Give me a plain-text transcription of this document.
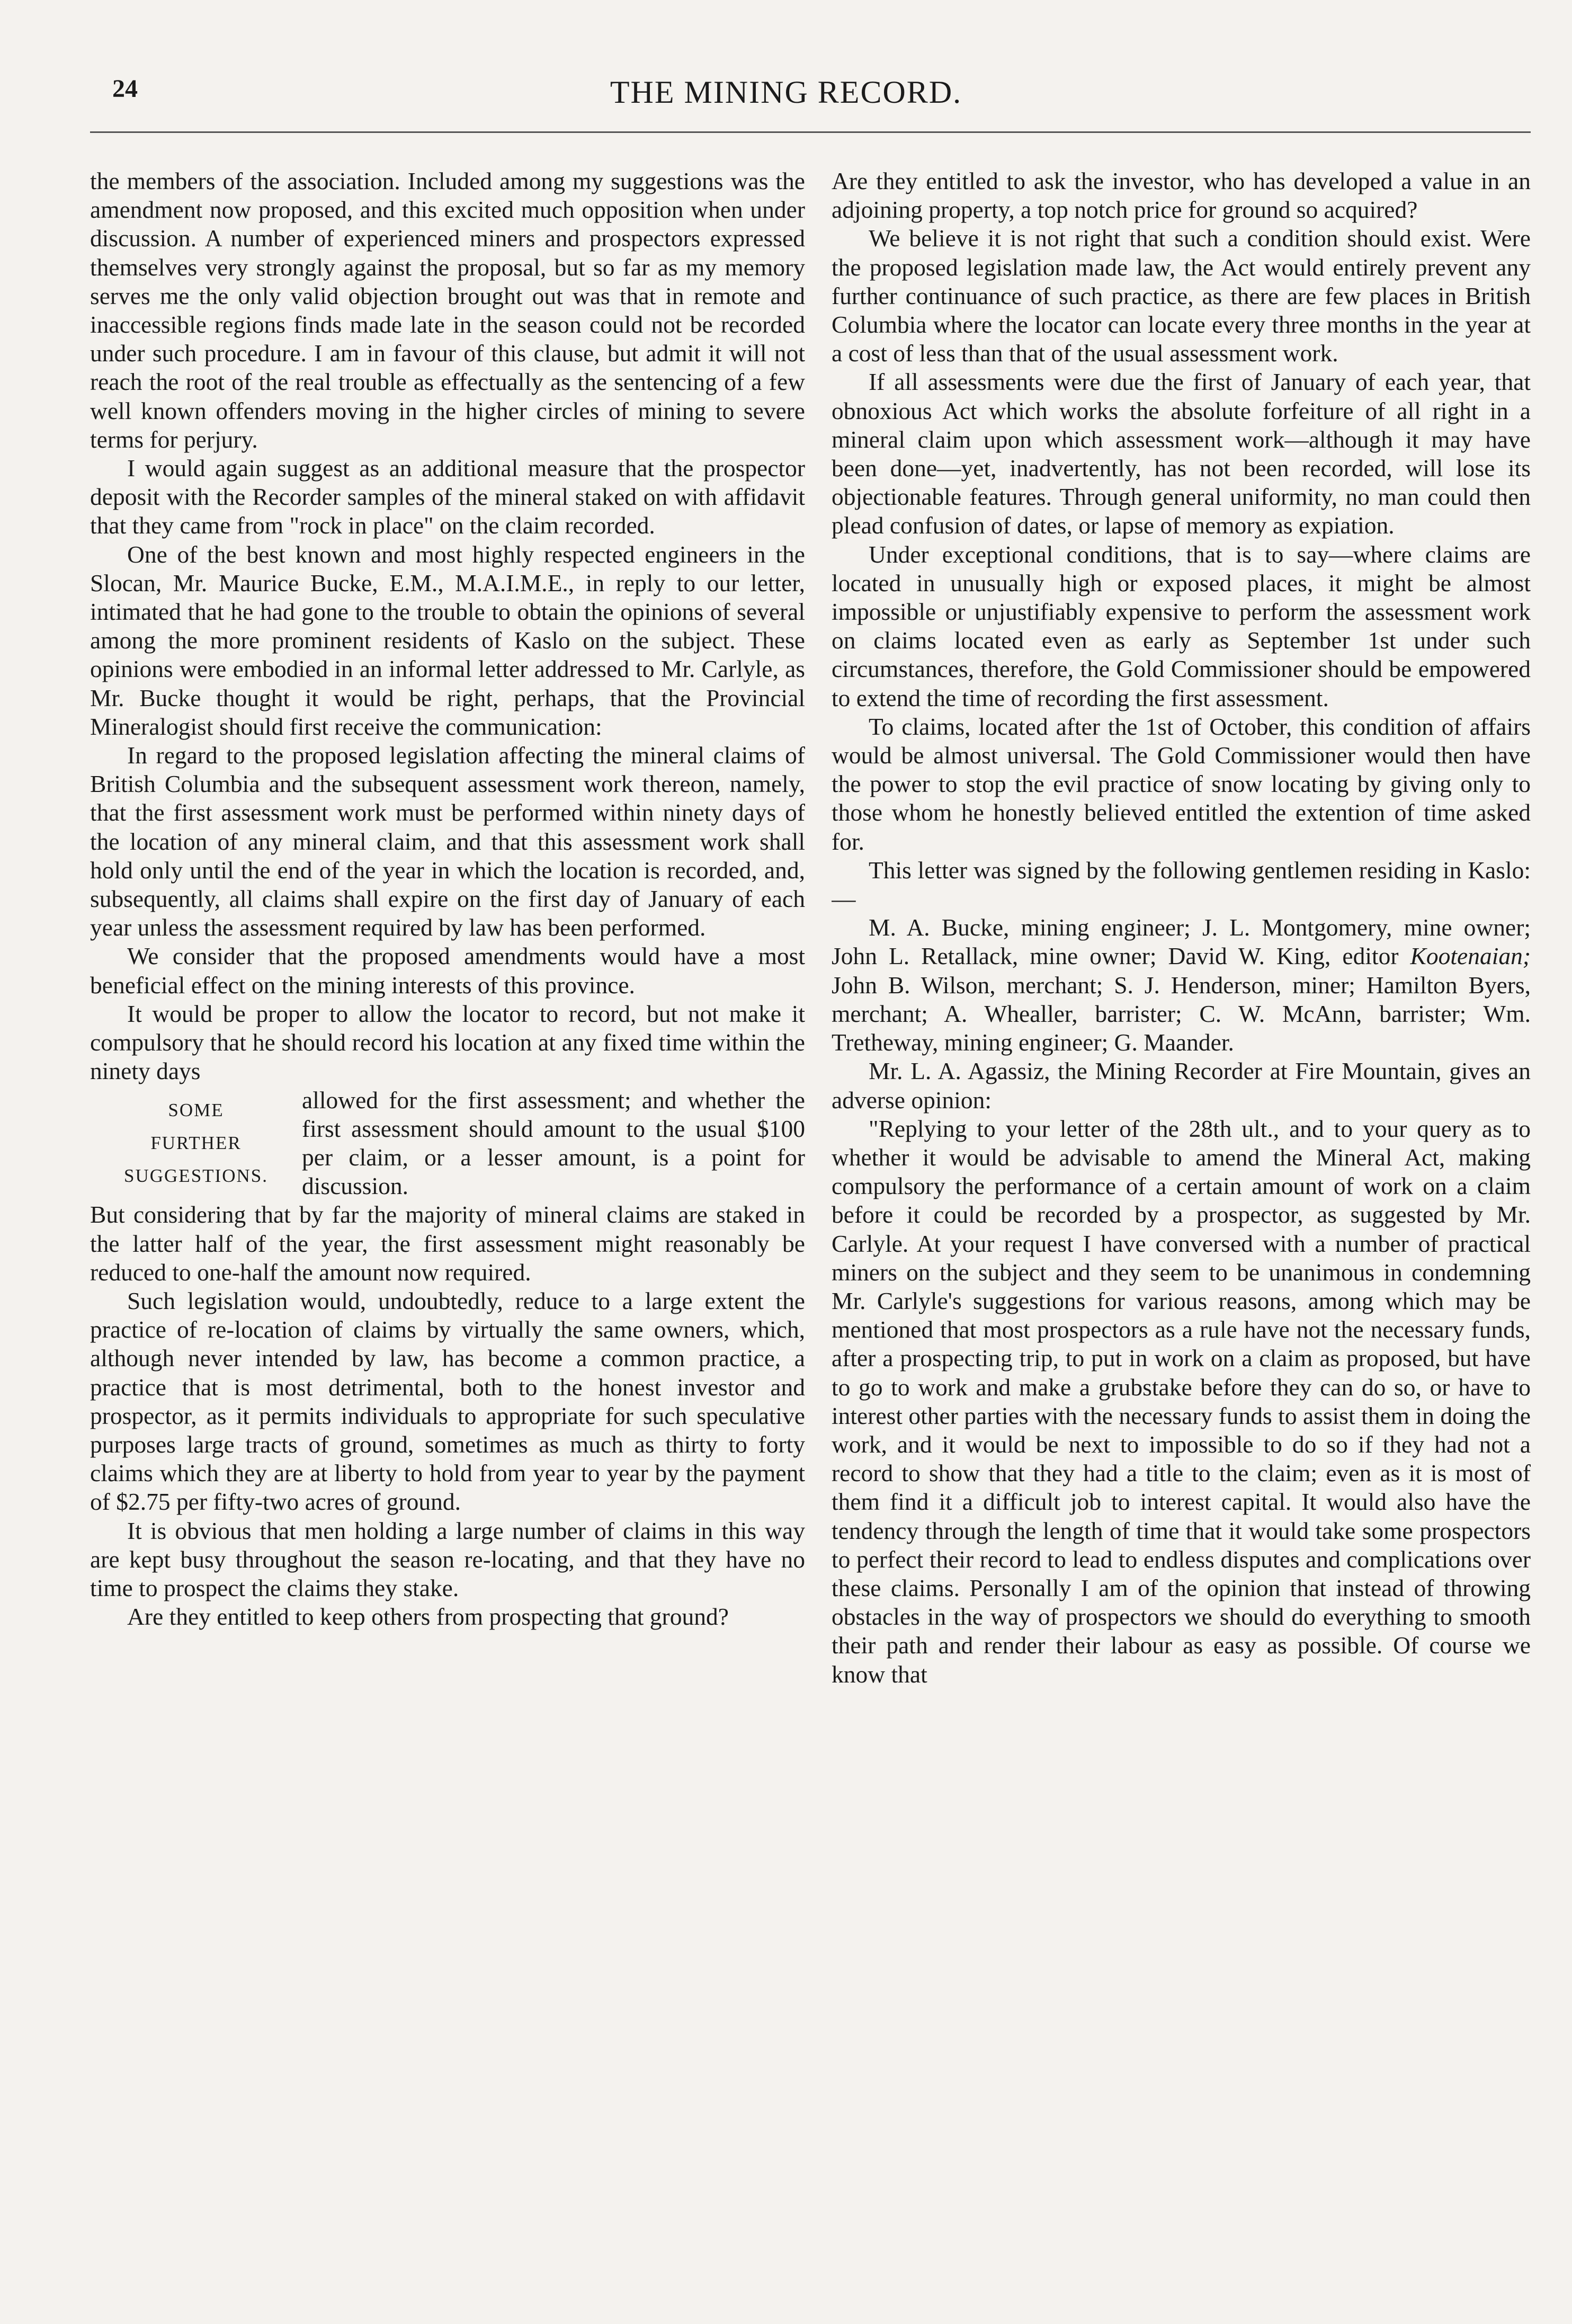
24	THE MINING RECORD.

the members of the association. Included among my suggestions was the amendment now proposed, and this excited much opposition when under discussion. A number of experienced miners and prospectors expressed themselves very strongly against the proposal, but so far as my memory serves me the only valid objection brought out was that in remote and inaccessible regions finds made late in the season could not be recorded under such procedure. I am in favour of this clause, but admit it will not reach the root of the real trouble as effectually as the sentencing of a few well known offenders moving in the higher circles of mining to severe terms for perjury.

I would again suggest as an additional measure that the prospector deposit with the Recorder samples of the mineral staked on with affidavit that they came from "rock in place" on the claim recorded.

One of the best known and most highly respected engineers in the Slocan, Mr. Maurice Bucke, E.M., M.A.I.M.E., in reply to our letter, intimated that he had gone to the trouble to obtain the opinions of several among the more prominent residents of Kaslo on the subject. These opinions were embodied in an informal letter addressed to Mr. Carlyle, as Mr. Bucke thought it would be right, perhaps, that the Provincial Mineralogist should first receive the communication:

In regard to the proposed legislation affecting the mineral claims of British Columbia and the subsequent assessment work thereon, namely, that the first assessment work must be performed within ninety days of the location of any mineral claim, and that this assessment work shall hold only until the end of the year in which the location is recorded, and, subsequently, all claims shall expire on the first day of January of each year unless the assessment required by law has been performed.

We consider that the proposed amendments would have a most beneficial effect on the mining interests of this province.

It would be proper to allow the locator to record, but not make it compulsory that he should record his location at any fixed time within the ninety days

SOME
FURTHER
SUGGESTIONS.

allowed for the first assessment; and whether the first assessment should amount to the usual $100 per claim, or a lesser amount, is a point for discussion.

But considering that by far the majority of mineral claims are staked in the latter half of the year, the first assessment might reasonably be reduced to one-half the amount now required.

Such legislation would, undoubtedly, reduce to a large extent the practice of re-location of claims by virtually the same owners, which, although never intended by law, has become a common practice, a practice that is most detrimental, both to the honest investor and prospector, as it permits individuals to appropriate for such speculative purposes large tracts of ground, sometimes as much as thirty to forty claims which they are at liberty to hold from year to year by the payment of $2.75 per fifty-two acres of ground.

It is obvious that men holding a large number of claims in this way are kept busy throughout the season re-locating, and that they have no time to prospect the claims they stake.

Are they entitled to keep others from prospecting that ground?

Are they entitled to ask the investor, who has developed a value in an adjoining property, a top notch price for ground so acquired?

We believe it is not right that such a condition should exist. Were the proposed legislation made law, the Act would entirely prevent any further continuance of such practice, as there are few places in British Columbia where the locator can locate every three months in the year at a cost of less than that of the usual assessment work.

If all assessments were due the first of January of each year, that obnoxious Act which works the absolute forfeiture of all right in a mineral claim upon which assessment work—although it may have been done—yet, inadvertently, has not been recorded, will lose its objectionable features. Through general uniformity, no man could then plead confusion of dates, or lapse of memory as expiation.

Under exceptional conditions, that is to say—where claims are located in unusually high or exposed places, it might be almost impossible or unjustifiably expensive to perform the assessment work on claims located even as early as September 1st under such circumstances, therefore, the Gold Commissioner should be empowered to extend the time of recording the first assessment.

To claims, located after the 1st of October, this condition of affairs would be almost universal. The Gold Commissioner would then have the power to stop the evil practice of snow locating by giving only to those whom he honestly believed entitled the extention of time asked for.

This letter was signed by the following gentlemen residing in Kaslo:—

M. A. Bucke, mining engineer; J. L. Montgomery, mine owner; John L. Retallack, mine owner; David W. King, editor Kootenaian; John B. Wilson, merchant; S. J. Henderson, miner; Hamilton Byers, merchant; A. Whealler, barrister; C. W. McAnn, barrister; Wm. Tretheway, mining engineer; G. Maander.

Mr. L. A. Agassiz, the Mining Recorder at Fire Mountain, gives an adverse opinion:

"Replying to your letter of the 28th ult., and to your query as to whether it would be advisable to amend the Mineral Act, making compulsory the performance of a certain amount of work on a claim before it could be recorded by a prospector, as suggested by Mr. Carlyle. At your request I have conversed with a number of practical miners on the subject and they seem to be unanimous in condemning Mr. Carlyle's suggestions for various reasons, among which may be mentioned that most prospectors as a rule have not the necessary funds, after a prospecting trip, to put in work on a claim as proposed, but have to go to work and make a grubstake before they can do so, or have to interest other parties with the necessary funds to assist them in doing the work, and it would be next to impossible to do so if they had not a record to show that they had a title to the claim; even as it is most of them find it a difficult job to interest capital. It would also have the tendency through the length of time that it would take some prospectors to perfect their record to lead to endless disputes and complications over these claims. Personally I am of the opinion that instead of throwing obstacles in the way of prospectors we should do everything to smooth their path and render their labour as easy as possible. Of course we know that
